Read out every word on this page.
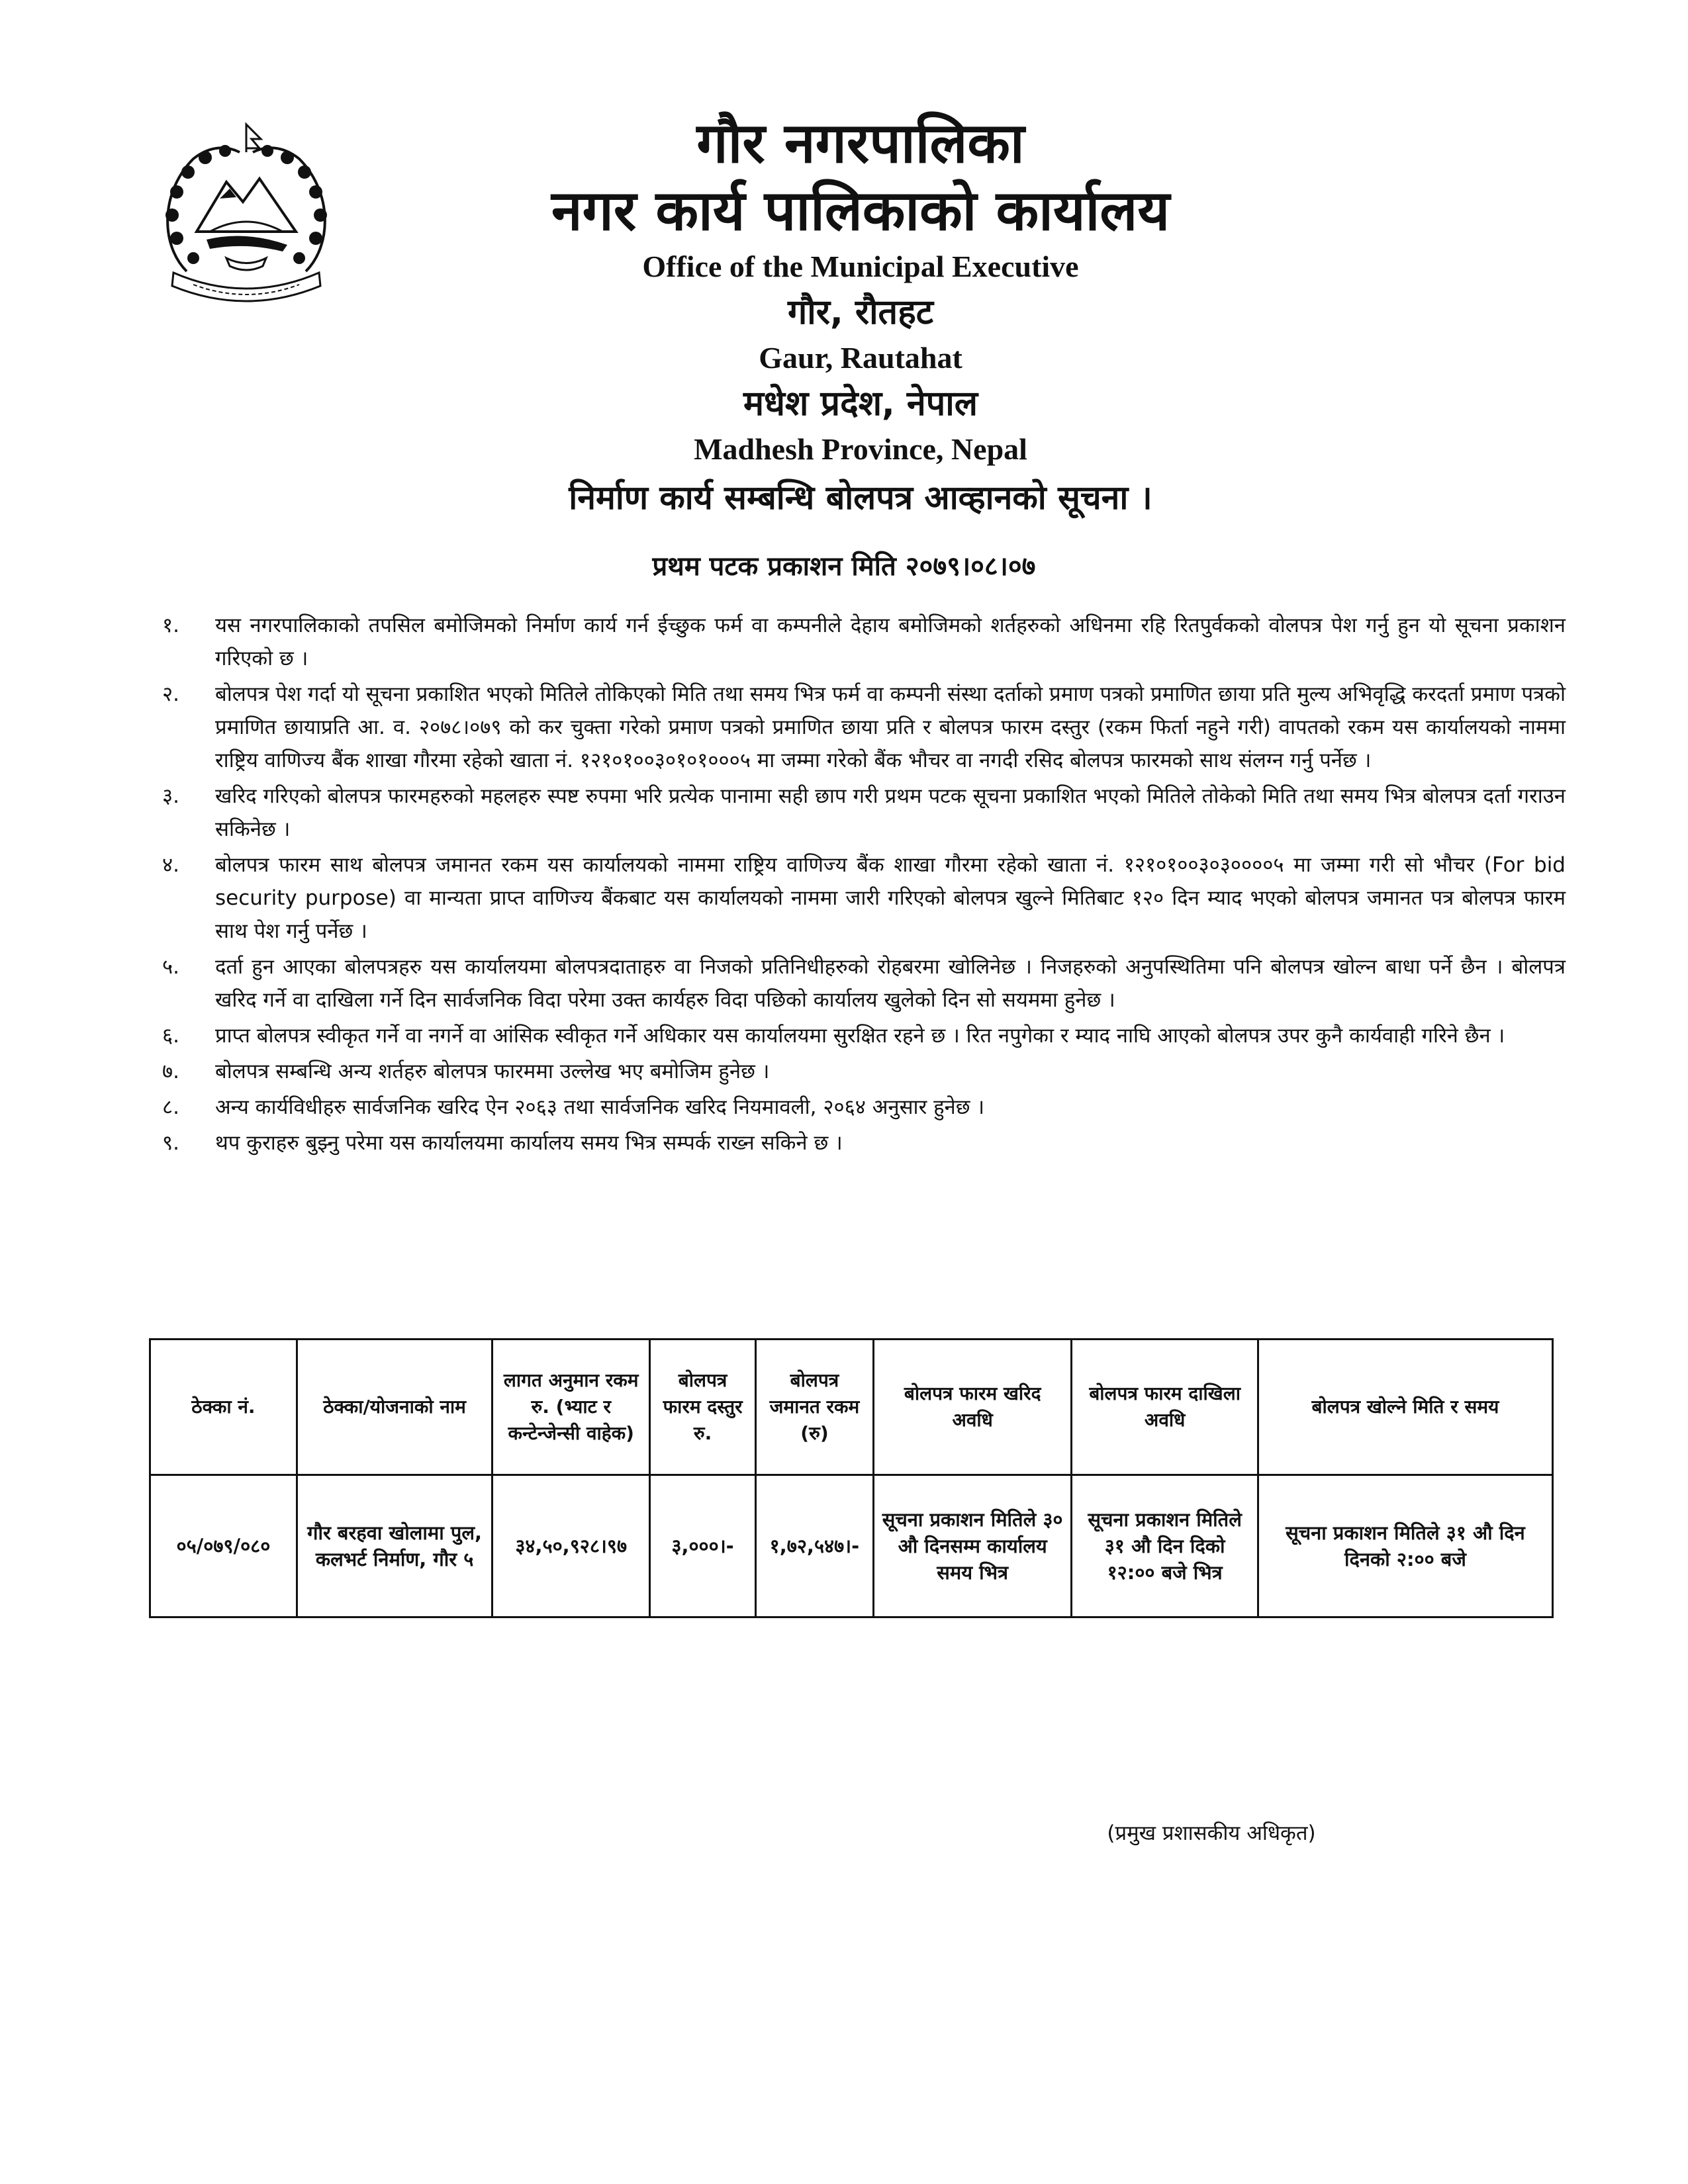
गौर नगरपालिका
नगर कार्य पालिकाको कार्यालय
Office of the Municipal Executive
गौर, रौतहट
Gaur, Rautahat
मधेश प्रदेश, नेपाल
Madhesh Province, Nepal
निर्माण कार्य सम्बन्धि बोलपत्र आव्हानको सूचना ।
प्रथम पटक प्रकाशन मिति २०७९।०८।०७
१. यस नगरपालिकाको तपसिल बमोजिमको निर्माण कार्य गर्न ईच्छुक फर्म वा कम्पनीले देहाय बमोजिमको शर्तहरुको अधिनमा रहि रितपुर्वकको वोलपत्र पेश गर्नु हुन यो सूचना प्रकाशन गरिएको छ ।
२. बोलपत्र पेश गर्दा यो सूचना प्रकाशित भएको मितिले तोकिएको मिति तथा समय भित्र फर्म वा कम्पनी संस्था दर्ताको प्रमाण पत्रको प्रमाणित छाया प्रति मुल्य अभिवृद्धि करदर्ता प्रमाण पत्रको प्रमाणित छायाप्रति आ. व. २०७८।०७९ को कर चुक्ता गरेको प्रमाण पत्रको प्रमाणित छाया प्रति र बोलपत्र फारम दस्तुर (रकम फिर्ता नहुने गरी) वापतको रकम यस कार्यालयको नाममा राष्ट्रिय वाणिज्य बैंक शाखा गौरमा रहेको खाता नं. १२१०१००३०१०१०००५ मा जम्मा गरेको बैंक भौचर वा नगदी रसिद बोलपत्र फारमको साथ संलग्न गर्नु पर्नेछ ।
३. खरिद गरिएको बोलपत्र फारमहरुको महलहरु स्पष्ट रुपमा भरि प्रत्येक पानामा सही छाप गरी प्रथम पटक सूचना प्रकाशित भएको मितिले तोकेको मिति तथा समय भित्र बोलपत्र दर्ता गराउन सकिनेछ ।
४. बोलपत्र फारम साथ बोलपत्र जमानत रकम यस कार्यालयको नाममा राष्ट्रिय वाणिज्य बैंक शाखा गौरमा रहेको खाता नं. १२१०१००३०३००००५ मा जम्मा गरी सो भौचर (For bid security purpose) वा मान्यता प्राप्त वाणिज्य बैंकबाट यस कार्यालयको नाममा जारी गरिएको बोलपत्र खुल्ने मितिबाट १२० दिन म्याद भएको बोलपत्र जमानत पत्र बोलपत्र फारम साथ पेश गर्नु पर्नेछ ।
५. दर्ता हुन आएका बोलपत्रहरु यस कार्यालयमा बोलपत्रदाताहरु वा निजको प्रतिनिधीहरुको रोहबरमा खोलिनेछ । निजहरुको अनुपस्थितिमा पनि बोलपत्र खोल्न बाधा पर्ने छैन । बोलपत्र खरिद गर्ने वा दाखिला गर्ने दिन सार्वजनिक विदा परेमा उक्त कार्यहरु विदा पछिको कार्यालय खुलेको दिन सो सयममा हुनेछ ।
६. प्राप्त बोलपत्र स्वीकृत गर्ने वा नगर्ने वा आंसिक स्वीकृत गर्ने अधिकार यस कार्यालयमा सुरक्षित रहने छ । रित नपुगेका र म्याद नाघि आएको बोलपत्र उपर कुनै कार्यवाही गरिने छैन ।
७. बोलपत्र सम्बन्धि अन्य शर्तहरु बोलपत्र फारममा उल्लेख भए बमोजिम हुनेछ ।
८. अन्य कार्यविधीहरु सार्वजनिक खरिद ऐन २०६३ तथा सार्वजनिक खरिद नियमावली, २०६४ अनुसार हुनेछ ।
९. थप कुराहरु बुझ्नु परेमा यस कार्यालयमा कार्यालय समय भित्र सम्पर्क राख्न सकिने छ ।
ठेक्का नं.	ठेक्का/योजनाको नाम	लागत अनुमान रकम रु. (भ्याट र कन्टेन्जेन्सी वाहेक)	बोलपत्र फारम दस्तुर रु.	बोलपत्र जमानत रकम (रु)	बोलपत्र फारम खरिद अवधि	बोलपत्र फारम दाखिला अवधि	बोलपत्र खोल्ने मिति र समय
०५/०७९/०८०	गौर बरहवा खोलामा पुल, कलभर्ट निर्माण, गौर ५	३४,५०,९२८।९७	३,०००।-	१,७२,५४७।-	सूचना प्रकाशन मितिले ३० औ दिनसम्म कार्यालय समय भित्र	सूचना प्रकाशन मितिले ३१ औ दिन दिको १२:०० बजे भित्र	सूचना प्रकाशन मितिले ३१ औ दिन दिनको २:०० बजे
(प्रमुख प्रशासकीय अधिकृत)
